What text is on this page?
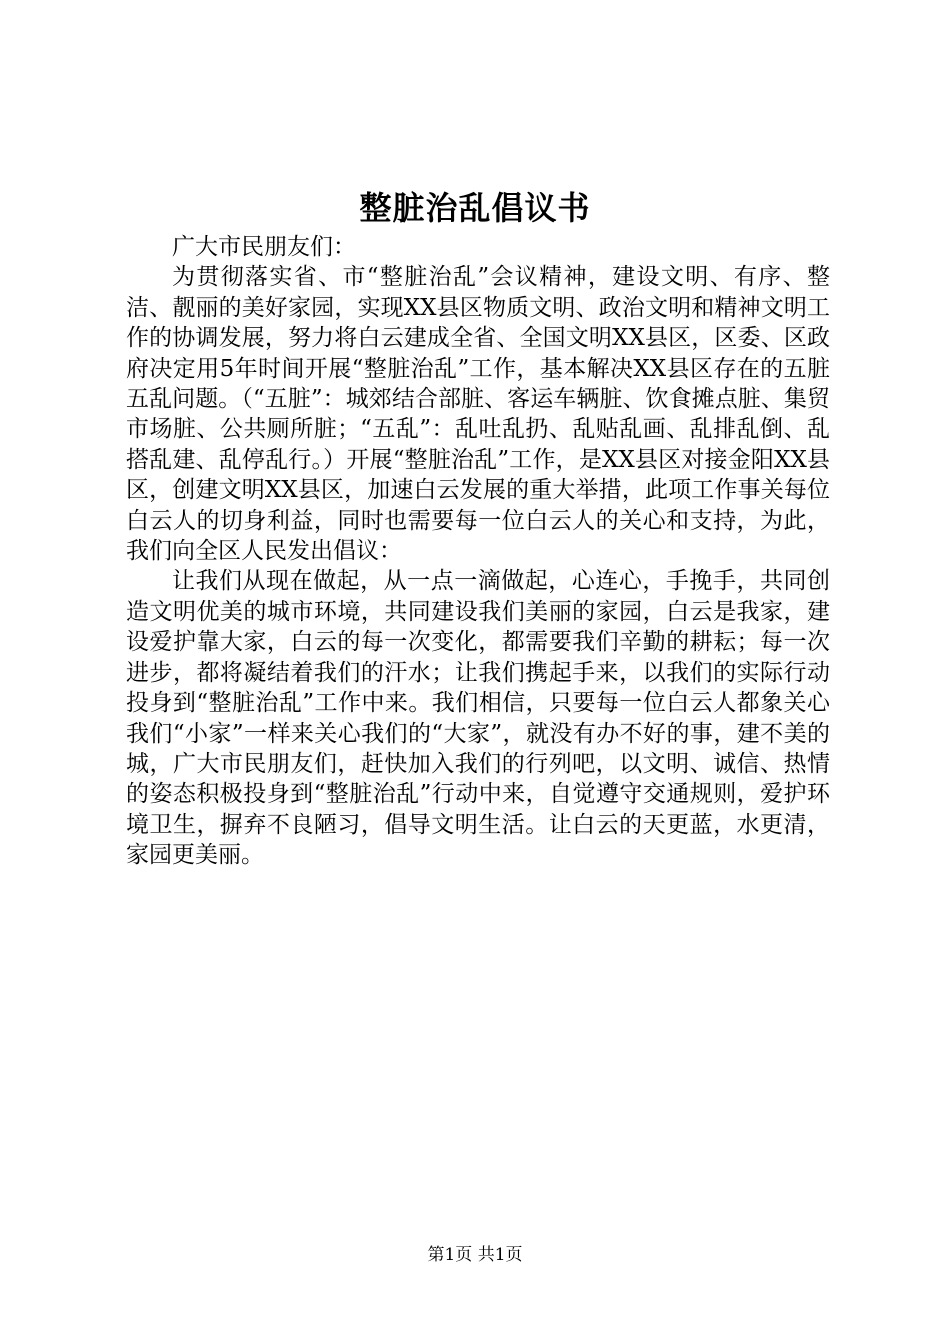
整脏治乱倡议书

广大市民朋友们：

为贯彻落实省、市“整脏治乱”会议精神，建设文明、有序、整洁、靓丽的美好家园，实现XX县区物质文明、政治文明和精神文明工作的协调发展，努力将白云建成全省、全国文明XX县区，区委、区政府决定用5年时间开展“整脏治乱”工作，基本解决XX县区存在的五脏五乱问题。（“五脏”：城郊结合部脏、客运车辆脏、饮食摊点脏、集贸市场脏、公共厕所脏；“五乱”：乱吐乱扔、乱贴乱画、乱排乱倒、乱搭乱建、乱停乱行。）开展“整脏治乱”工作，是XX县区对接金阳XX县区，创建文明XX县区，加速白云发展的重大举措，此项工作事关每位白云人的切身利益，同时也需要每一位白云人的关心和支持，为此，我们向全区人民发出倡议：

让我们从现在做起，从一点一滴做起，心连心，手挽手，共同创造文明优美的城市环境，共同建设我们美丽的家园，白云是我家，建设爱护靠大家，白云的每一次变化，都需要我们辛勤的耕耘；每一次进步，都将凝结着我们的汗水；让我们携起手来，以我们的实际行动投身到“整脏治乱”工作中来。我们相信，只要每一位白云人都象关心我们“小家”一样来关心我们的“大家”，就没有办不好的事，建不美的城，广大市民朋友们，赶快加入我们的行列吧，以文明、诚信、热情的姿态积极投身到“整脏治乱”行动中来，自觉遵守交通规则，爱护环境卫生，摒弃不良陋习，倡导文明生活。让白云的天更蓝，水更清，家园更美丽。

第1页 共1页
